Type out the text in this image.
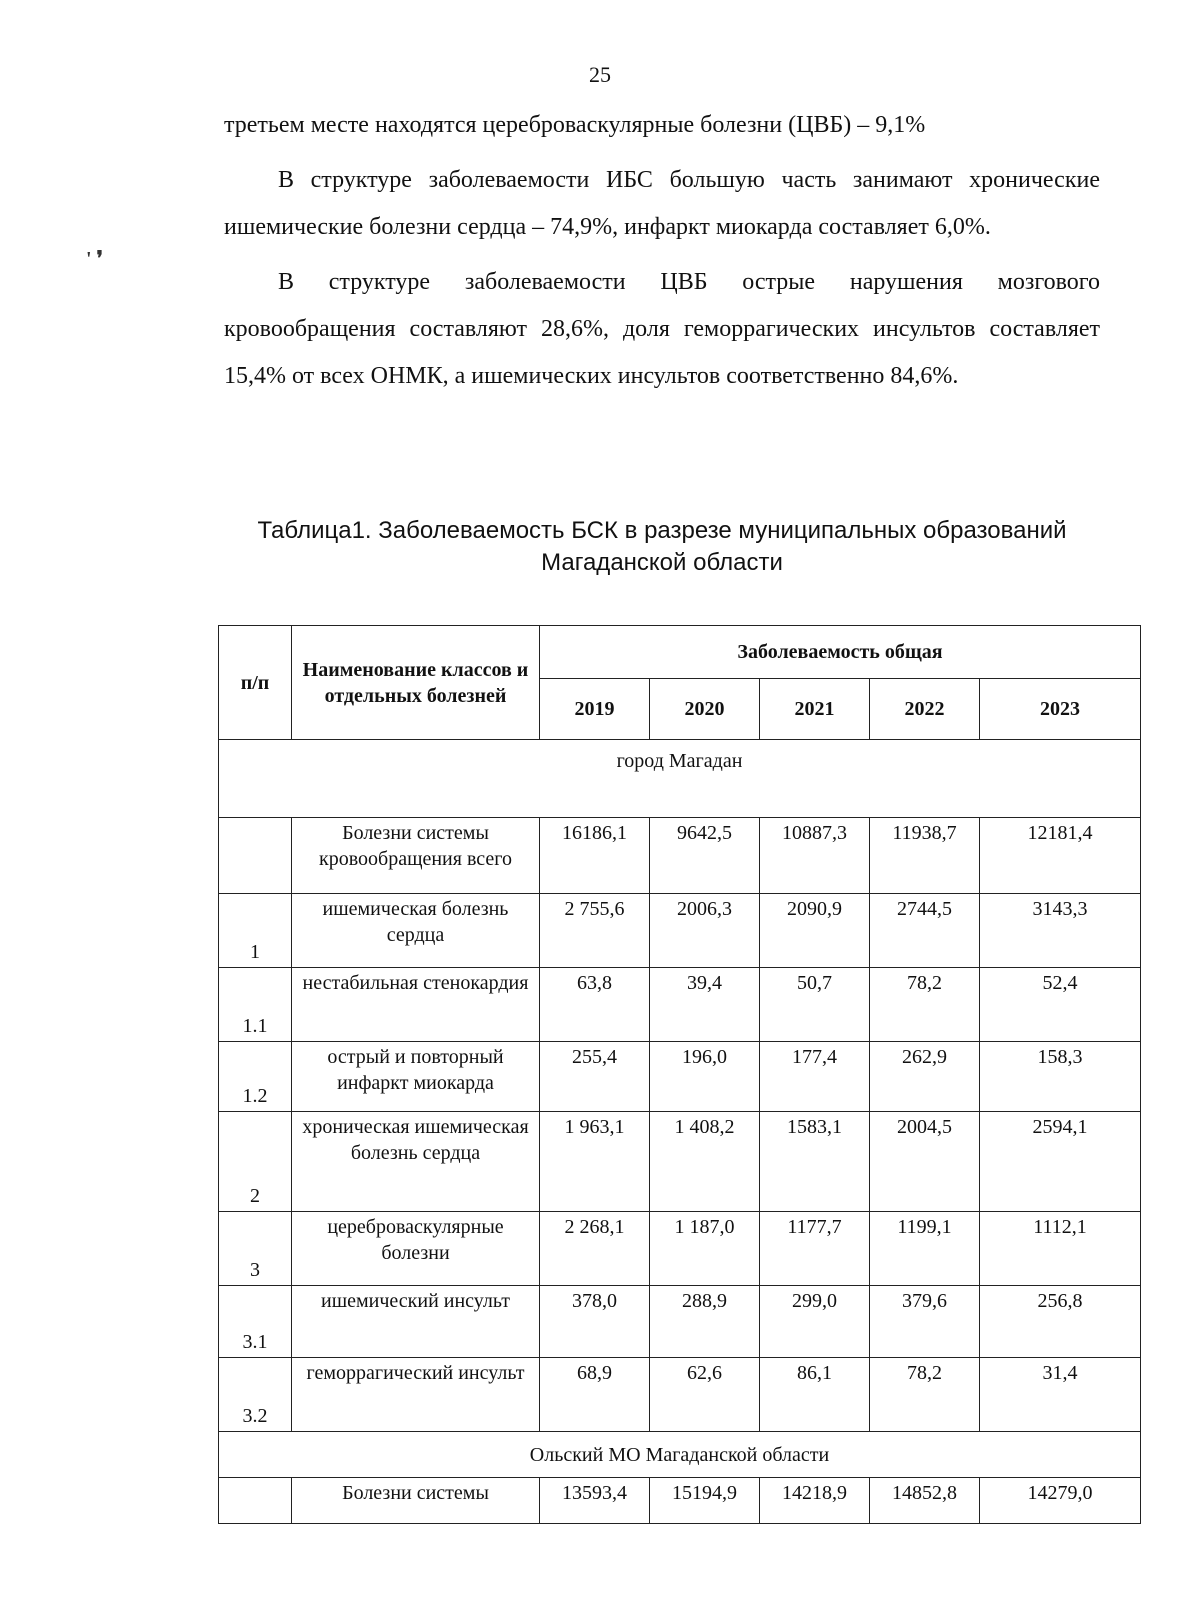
25
' ❜

третьем месте находятся цереброваскулярные болезни (ЦВБ) – 9,1%

В структуре заболеваемости ИБС большую часть занимают хронические ишемические болезни сердца – 74,9%, инфаркт миокарда составляет 6,0%.

В структуре заболеваемости ЦВБ острые нарушения мозгового кровообращения составляют 28,6%, доля геморрагических инсультов составляет 15,4% от всех ОНМК, а ишемических инсультов соответственно 84,6%.

Таблица1. Заболеваемость БСК в разрезе муниципальных образований
Магаданской области
п/п	Наименование классов и отдельных болезней	Заболеваемость общая				
		2019	2020	2021	2022	2023
город Магадан						
	Болезни системы кровообращения всего	16186,1	9642,5	10887,3	11938,7	12181,4
1	ишемическая болезнь сердца	2 755,6	2006,3	2090,9	2744,5	3143,3
1.1	нестабильная стенокардия	63,8	39,4	50,7	78,2	52,4
1.2	острый и повторный инфаркт миокарда	255,4	196,0	177,4	262,9	158,3
2	хроническая ишемическая болезнь сердца	1 963,1	1 408,2	1583,1	2004,5	2594,1
3	цереброваскулярные болезни	2 268,1	1 187,0	1177,7	1199,1	1112,1
3.1	ишемический инсульт	378,0	288,9	299,0	379,6	256,8
3.2	геморрагический инсульт	68,9	62,6	86,1	78,2	31,4
Ольский МО Магаданской области						
	Болезни системы	13593,4	15194,9	14218,9	14852,8	14279,0
